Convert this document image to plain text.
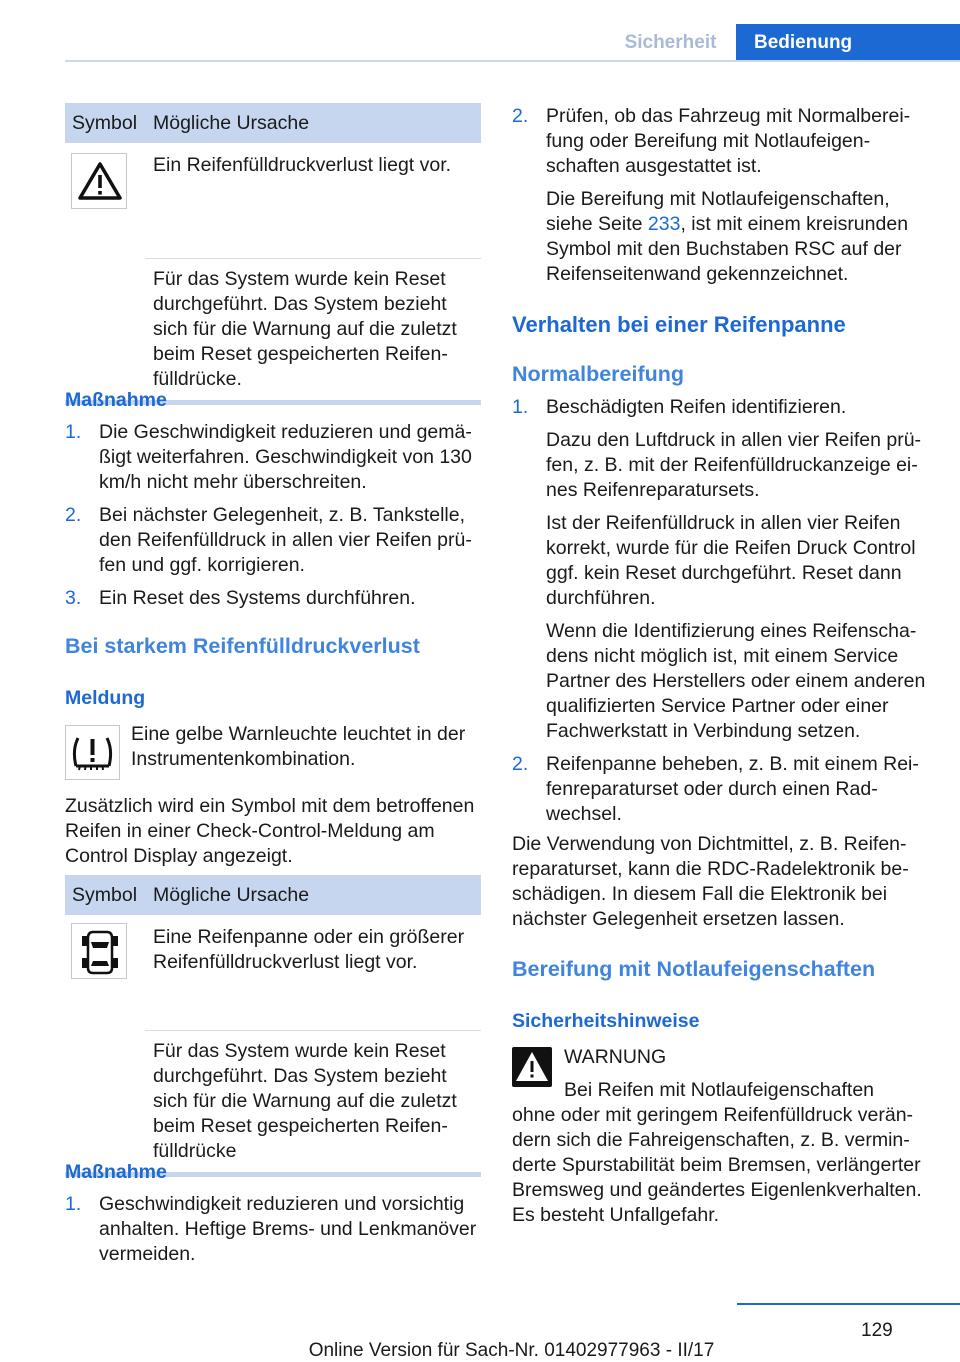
Sicherheit	Bedienung
Symbol Mögliche Ursache
Ein Reifenfülldruckverlust liegt vor.
Für das System wurde kein Reset durchgeführt. Das System bezieht sich für die Warnung auf die zuletzt beim Reset gespeicherten Reifenfülldrücke.
Maßnahme
1. Die Geschwindigkeit reduzieren und gemäßigt weiterfahren. Geschwindigkeit von 130 km/h nicht mehr überschreiten.
2. Bei nächster Gelegenheit, z. B. Tankstelle, den Reifenfülldruck in allen vier Reifen prüfen und ggf. korrigieren.
3. Ein Reset des Systems durchführen.
Bei starkem Reifenfülldruckverlust
Meldung
Eine gelbe Warnleuchte leuchtet in der Instrumentenkombination.
Zusätzlich wird ein Symbol mit dem betroffenen Reifen in einer Check-Control-Meldung am Control Display angezeigt.
Symbol Mögliche Ursache
Eine Reifenpanne oder ein größerer Reifenfülldruckverlust liegt vor.
Für das System wurde kein Reset durchgeführt. Das System bezieht sich für die Warnung auf die zuletzt beim Reset gespeicherten Reifenfülldrücke
Maßnahme
1. Geschwindigkeit reduzieren und vorsichtig anhalten. Heftige Brems- und Lenkmanöver vermeiden.
2. Prüfen, ob das Fahrzeug mit Normalbereifung oder Bereifung mit Notlaufeigenschaften ausgestattet ist.

Die Bereifung mit Notlaufeigenschaften, siehe Seite 233, ist mit einem kreisrunden Symbol mit den Buchstaben RSC auf der Reifenseitenwand gekennzeichnet.

Verhalten bei einer Reifenpanne
Normalbereifung
1. Beschädigten Reifen identifizieren.

Dazu den Luftdruck in allen vier Reifen prüfen, z. B. mit der Reifenfülldruckanzeige eines Reifenreparatursets.

Ist der Reifenfülldruck in allen vier Reifen korrekt, wurde für die Reifen Druck Control ggf. kein Reset durchgeführt. Reset dann durchführen.

Wenn die Identifizierung eines Reifenschadens nicht möglich ist, mit einem Service Partner des Herstellers oder einem anderen qualifizierten Service Partner oder einer Fachwerkstatt in Verbindung setzen.

2. Reifenpanne beheben, z. B. mit einem Reifenreparaturset oder durch einen Radwechsel.
Die Verwendung von Dichtmittel, z. B. Reifenreparaturset, kann die RDC-Radelektronik beschädigen. In diesem Fall die Elektronik bei nächster Gelegenheit ersetzen lassen.
Bereifung mit Notlaufeigenschaften
Sicherheitshinweise
WARNUNG
Bei Reifen mit Notlaufeigenschaften
ohne oder mit geringem Reifenfülldruck verändern sich die Fahreigenschaften, z. B. verminderte Spurstabilität beim Bremsen, verlängerter Bremsweg und geändertes Eigenlenkverhalten. Es besteht Unfallgefahr.
129
Online Version für Sach-Nr. 01402977963 - II/17
